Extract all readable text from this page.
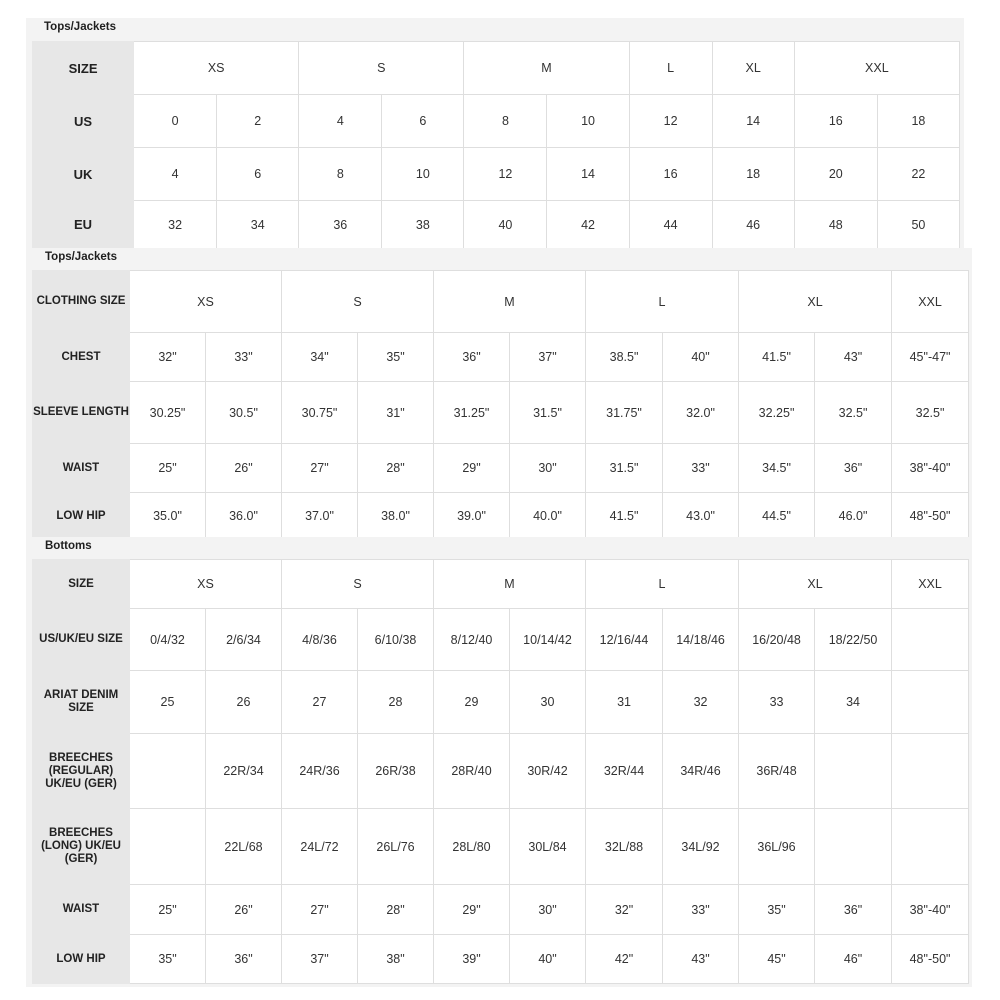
Tops/Jackets
SIZE	XS		S		M		L	XL	XXL	
US	0	2	4	6	8	10	12	14	16	18
UK	4	6	8	10	12	14	16	18	20	22
EU	32	34	36	38	40	42	44	46	48	50
Tops/Jackets
CLOTHING SIZE	XS		S		M		L		XL		XXL
CHEST	32"	33"	34"	35"	36"	37"	38.5"	40"	41.5"	43"	45"-47"
SLEEVE LENGTH	30.25"	30.5"	30.75"	31"	31.25"	31.5"	31.75"	32.0"	32.25"	32.5"	32.5"
WAIST	25"	26"	27"	28"	29"	30"	31.5"	33"	34.5"	36"	38"-40"
LOW HIP	35.0"	36.0"	37.0"	38.0"	39.0"	40.0"	41.5"	43.0"	44.5"	46.0"	48"-50"
Bottoms
SIZE	XS		S		M		L		XL		XXL
US/UK/EU SIZE	0/4/32	2/6/34	4/8/36	6/10/38	8/12/40	10/14/42	12/16/44	14/18/46	16/20/48	18/22/50	
ARIAT DENIM SIZE	25	26	27	28	29	30	31	32	33	34	
BREECHES (REGULAR) UK/EU (GER)		22R/34	24R/36	26R/38	28R/40	30R/42	32R/44	34R/46	36R/48		
BREECHES (LONG) UK/EU (GER)		22L/68	24L/72	26L/76	28L/80	30L/84	32L/88	34L/92	36L/96		
WAIST	25"	26"	27"	28"	29"	30"	32"	33"	35"	36"	38"-40"
LOW HIP	35"	36"	37"	38"	39"	40"	42"	43"	45"	46"	48"-50"
